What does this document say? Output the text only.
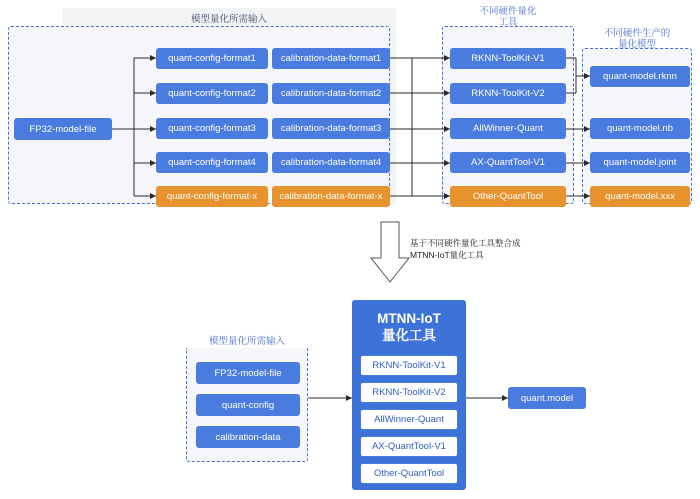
模型量化所需输入
不同硬件量化
工具
不同硬件生产的
量化模型
FP32-model-file
quant-config-format1
quant-config-format2
quant-config-format3
quant-config-format4
quant-config-format-x
calibration-data-format1
calibration-data-format2
calibration-data-format3
calibration-data-format4
calibration-data-format-x
RKNN-ToolKit-V1
RKNN-ToolKit-V2
AllWinner-Quant
AX-QuantTool-V1
Other-QuantTool
quant-model.rknn
quant-model.nb
quant-model.joint
quant-model.xxx
基于不同硬件量化工具整合成
MTNN-IoT量化工具
模型量化所需输入
FP32-model-file
quant-config
calibration-data
MTNN-IoT
量化工具
RKNN-ToolKit-V1
RKNN-ToolKit-V2
AllWinner-Quant
AX-QuantTool-V1
Other-QuantTool
quant.model
